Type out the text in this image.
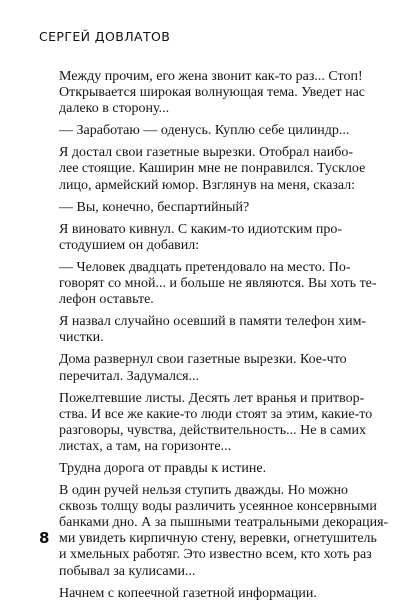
СЕРГЕЙ ДОВЛАТОВ

Между прочим, его жена звонит как-то раз... Стоп!
Открывается широкая волнующая тема. Уведет нас
далеко в сторону...

— Заработаю — оденусь. Куплю себе цилиндр...

Я достал свои газетные вырезки. Отобрал наибо-
лее стоящие. Каширин мне не понравился. Тусклое
лицо, армейский юмор. Взглянув на меня, сказал:

— Вы, конечно, беспартийный?

Я виновато кивнул. С каким-то идиотским про-
стодушием он добавил:

— Человек двадцать претендовало на место. По-
говорят со мной... и больше не являются. Вы хоть те-
лефон оставьте.

Я назвал случайно осевший в памяти телефон хим-
чистки.

Дома развернул свои газетные вырезки. Кое-что
перечитал. Задумался...

Пожелтевшие листы. Десять лет вранья и притвор-
ства. И все же какие-то люди стоят за этим, какие-то
разговоры, чувства, действительность... Не в самих
листах, а там, на горизонте...

Трудна дорога от правды к истине.

В один ручей нельзя ступить дважды. Но можно
сквозь толщу воды различить усеянное консервными
банками дно. А за пышными театральными декорация-
ми увидеть кирпичную стену, веревки, огнетушитель
и хмельных работяг. Это известно всем, кто хоть раз
побывал за кулисами...

Начнем с копеечной газетной информации.

8
